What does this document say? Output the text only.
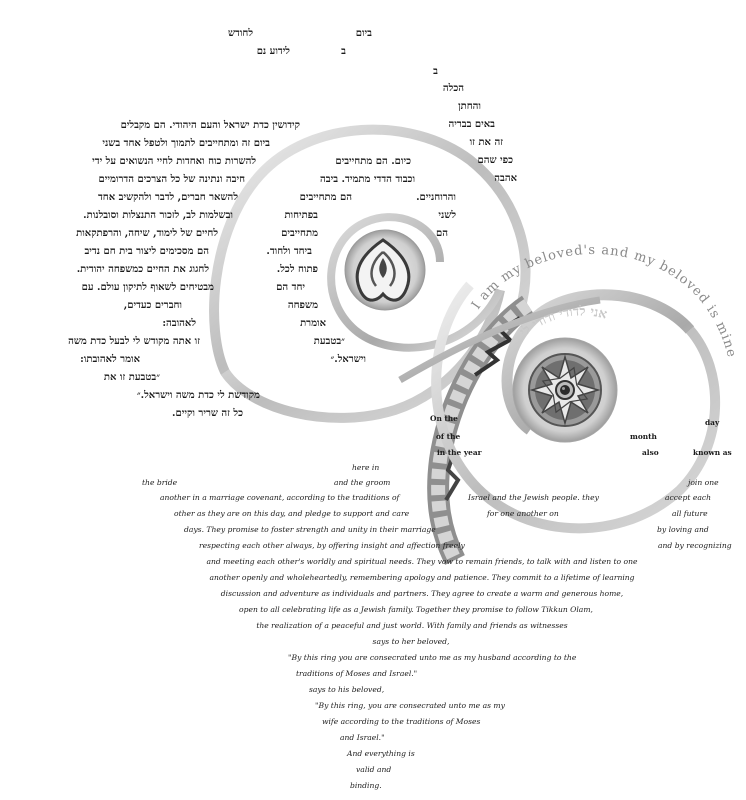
I am my beloved's and my beloved is mine
אני לדודי ודודי לי
ביום
לחודש
ב
לידוע נם
ב
הכלה
והחתן
באים בבריה
זה את זו
כפי שהם
אהבה
קידושין כדת ישראל והעם היהודי. הם מקבלים
ביום זה ומתחייבים לתמוך ולטפל אחד בשני
להשרות כוח ואחדות לחיי הנשואים על ידי
חיבה ונתינה של כל הצרכים הדרומיים
להשאר חברים, לדבר ולהקשיב אחד
ובשלמות לב, לזכור התנצלות וסובלנות.
לחיים של לימוד, שיחה, והרפתקאות
הם מסכימים ליצור בית חם נדיב
לחגוג את החיים כמשפחה יהודית.
מבטיחים לשאוף לתיקון עולם. עם
וחברים כעדים,
לאהובה:
זו אתה מקודש לי לבעל כדת משה
אומר לאהובתו:
״בטבעת זו את
מקודשת לי כדת משה וישראל.״
כל זה שריר וקיים.
כיום. הם מתחייבים
וכבוד הדדי מתמיד. ביבה
הם מתחייבים	והרוחניים.
לשני
בפתיחות
הם
מתחייבים
ביחד ולחוד.
פתוח לכל.
יחד הם
משפחה
אומרת
״בטבעת
וישראל.״
On the	day
of the	month
in the year	also	known as
here in
the bride	and the groom	join one
another in a marriage covenant, according to the traditions of	Israel and the Jewish people. they	accept each
other as they are on this day, and pledge to support and care	for one another on	all future
days. They promise to foster strength and unity in their marriage	by loving and
respecting each other always, by offering insight and affection freely	and by recognizing
and meeting each other's worldly and spiritual needs. They vow to remain friends, to talk with and listen to one
another openly and wholeheartedly, remembering apology and patience. They commit to a lifetime of learning
discussion and adventure as individuals and partners. They agree to create a warm and generous home,
open to all celebrating life as a Jewish family. Together they promise to follow Tikkun Olam,
the realization of a peaceful and just world. With family and friends as witnesses
says to her beloved,
"By this ring you are consecrated unto me as my husband according to the
traditions of Moses and Israel."
says to his beloved,
"By this ring, you are consecrated unto me as my
wife according to the traditions of Moses
and Israel."
And everything is
valid and
binding.
